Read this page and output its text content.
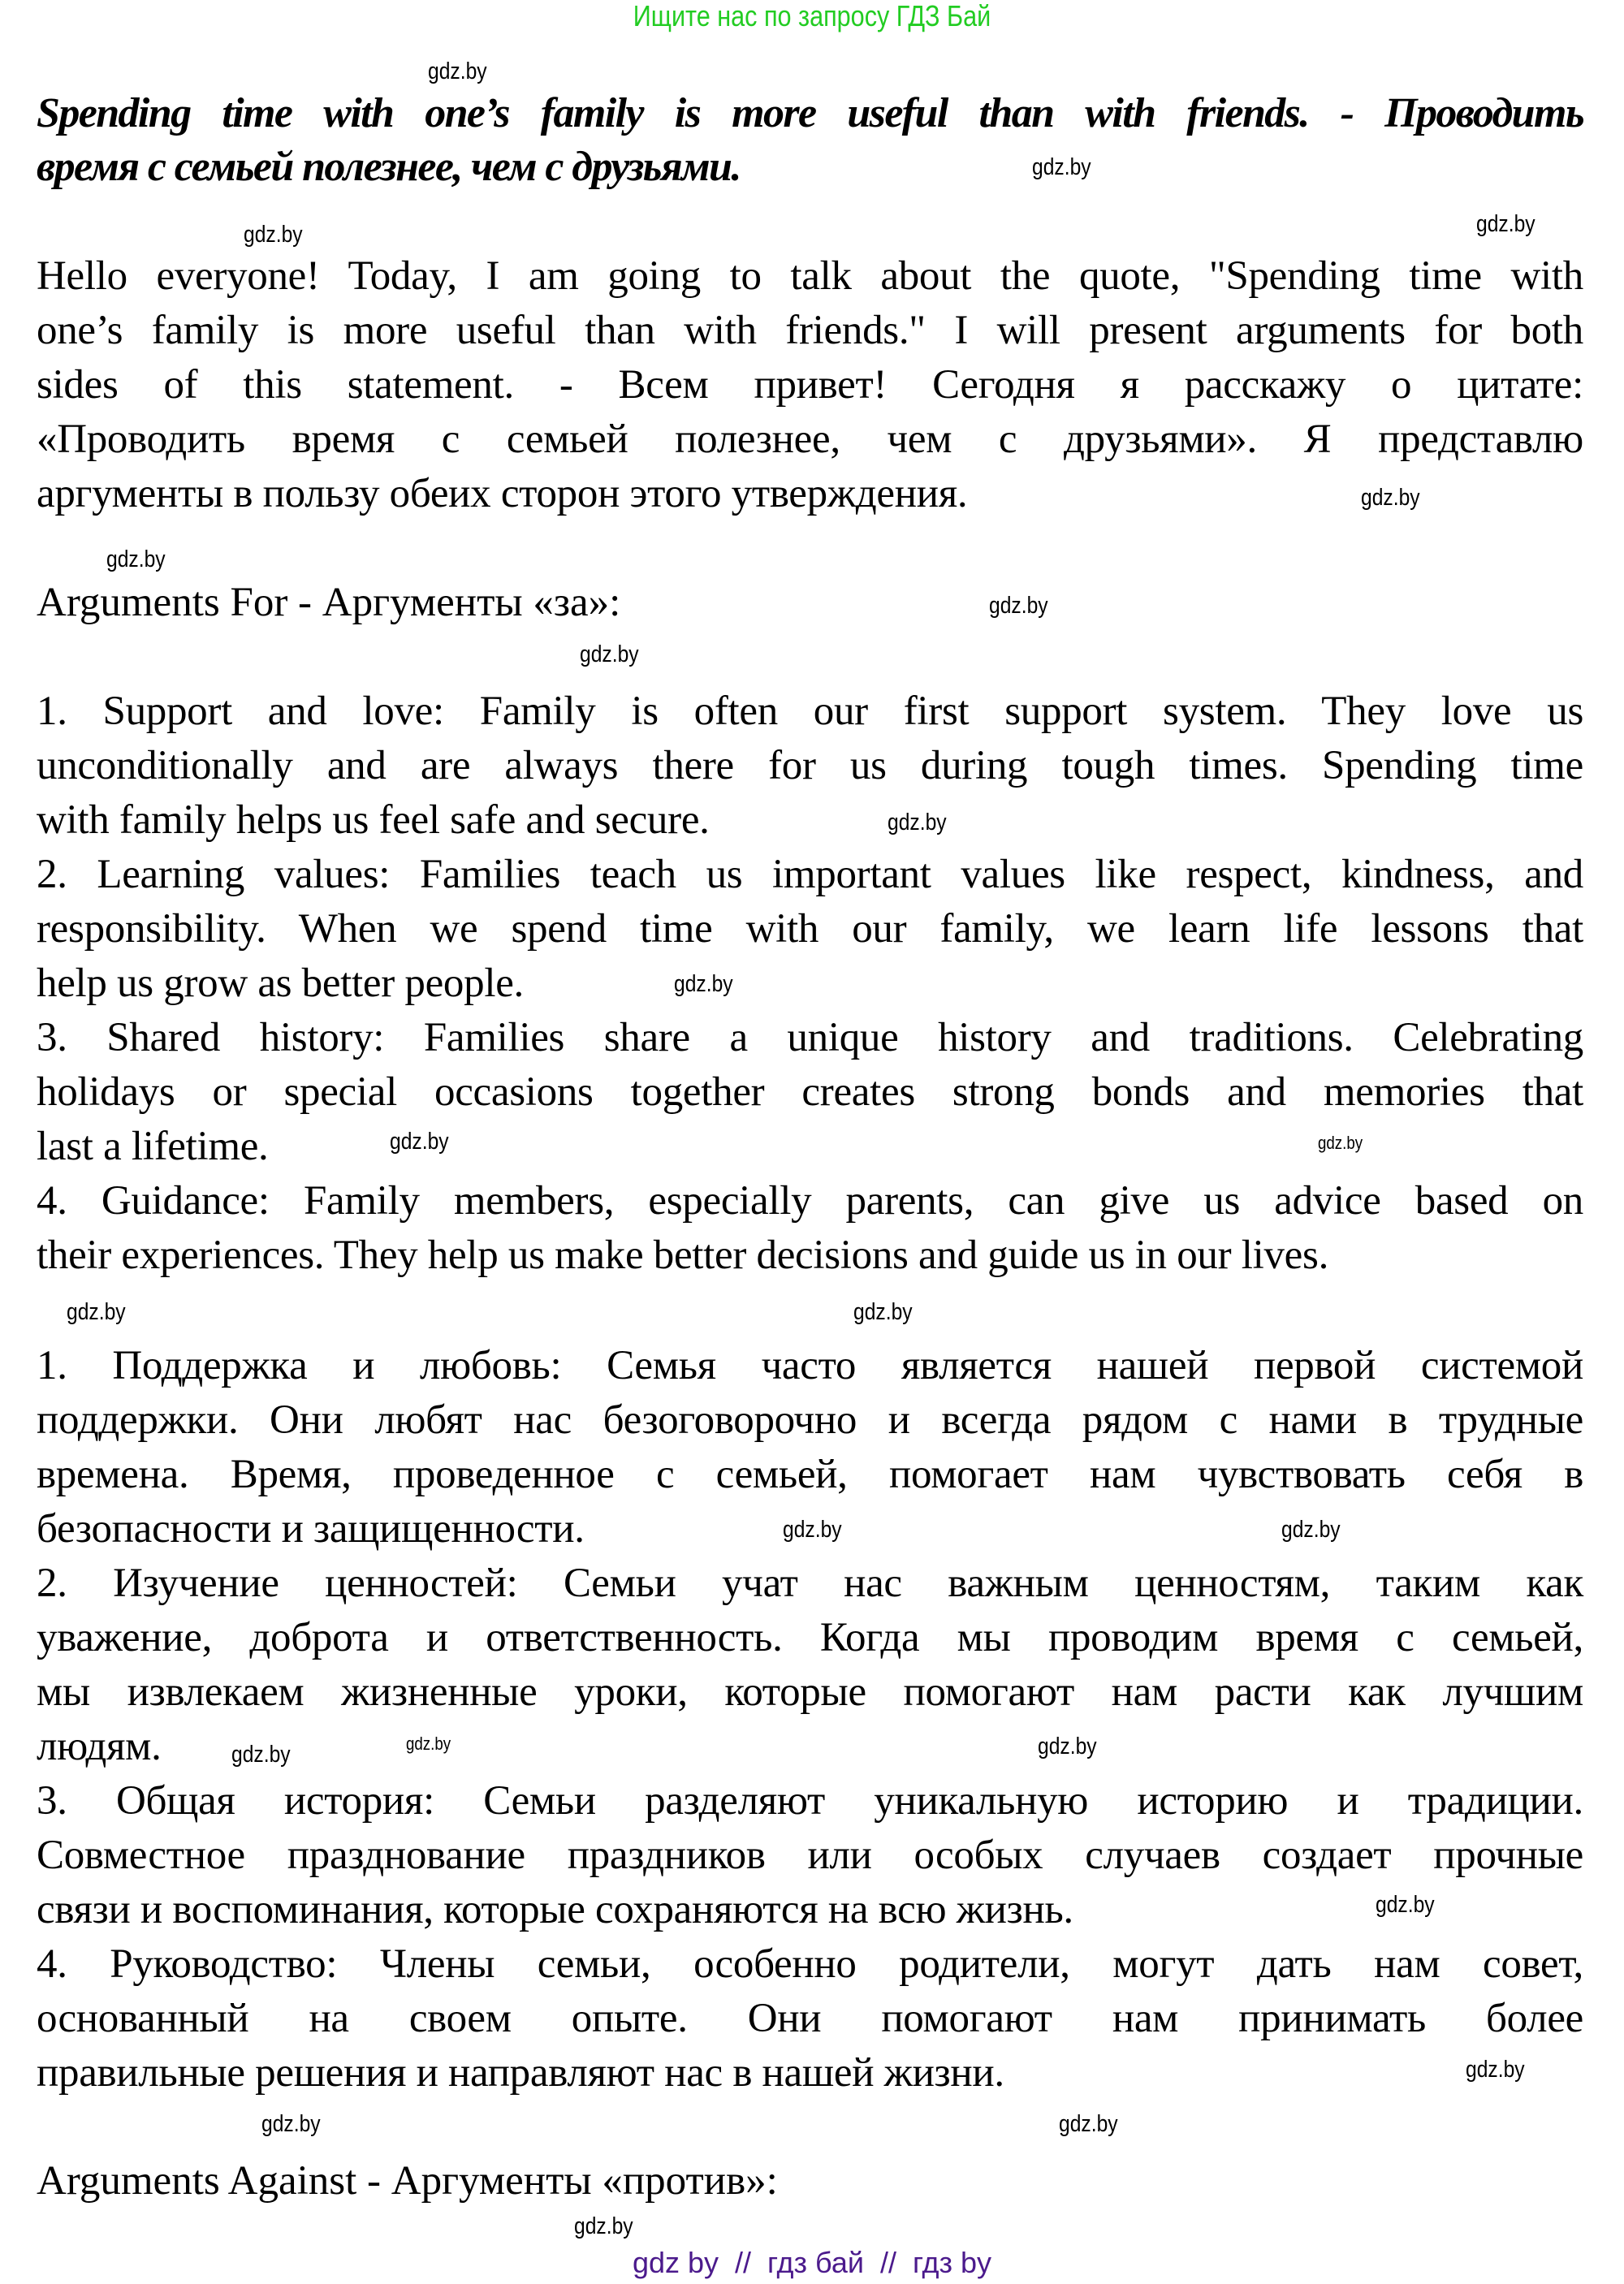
Ищите нас по запросу ГДЗ Бай
Spending time with one’s family is more useful than with friends. - Проводить
время с семьей полезнее, чем с друзьями.
Hello everyone! Today, I am going to talk about the quote, "Spending time with
one’s family is more useful than with friends." I will present arguments for both
sides of this statement. - Всем привет! Сегодня я расскажу о цитате:
«Проводить время с семьей полезнее, чем с друзьями». Я представлю
аргументы в пользу обеих сторон этого утверждения.
Arguments For - Аргументы «за»:
1. Support and love: Family is often our first support system. They love us
unconditionally and are always there for us during tough times. Spending time
with family helps us feel safe and secure.
2. Learning values: Families teach us important values like respect, kindness, and
responsibility. When we spend time with our family, we learn life lessons that
help us grow as better people.
3. Shared history: Families share a unique history and traditions. Celebrating
holidays or special occasions together creates strong bonds and memories that
last a lifetime.
4. Guidance: Family members, especially parents, can give us advice based on
their experiences. They help us make better decisions and guide us in our lives.
1. Поддержка и любовь: Семья часто является нашей первой системой
поддержки. Они любят нас безоговорочно и всегда рядом с нами в трудные
времена. Время, проведенное с семьей, помогает нам чувствовать себя в
безопасности и защищенности.
2. Изучение ценностей: Семьи учат нас важным ценностям, таким как
уважение, доброта и ответственность. Когда мы проводим время с семьей,
мы извлекаем жизненные уроки, которые помогают нам расти как лучшим
людям.
3. Общая история: Семьи разделяют уникальную историю и традиции.
Совместное празднование праздников или особых случаев создает прочные
связи и воспоминания, которые сохраняются на всю жизнь.
4. Руководство: Члены семьи, особенно родители, могут дать нам совет,
основанный на своем опыте. Они помогают нам принимать более
правильные решения и направляют нас в нашей жизни.
Arguments Against - Аргументы «против»:
gdz.by
gdz.by
gdz.by
gdz.by
gdz.by
gdz.by
gdz.by
gdz.by
gdz.by
gdz.by
gdz.by
gdz.by
gdz.by
gdz.by
gdz.by
gdz.by
gdz.by	gdz.by
gdz.by
gdz.by
gdz.by
gdz.by	gdz.by
gdz.by
gdz by  //  гдз бай  //  гдз by
